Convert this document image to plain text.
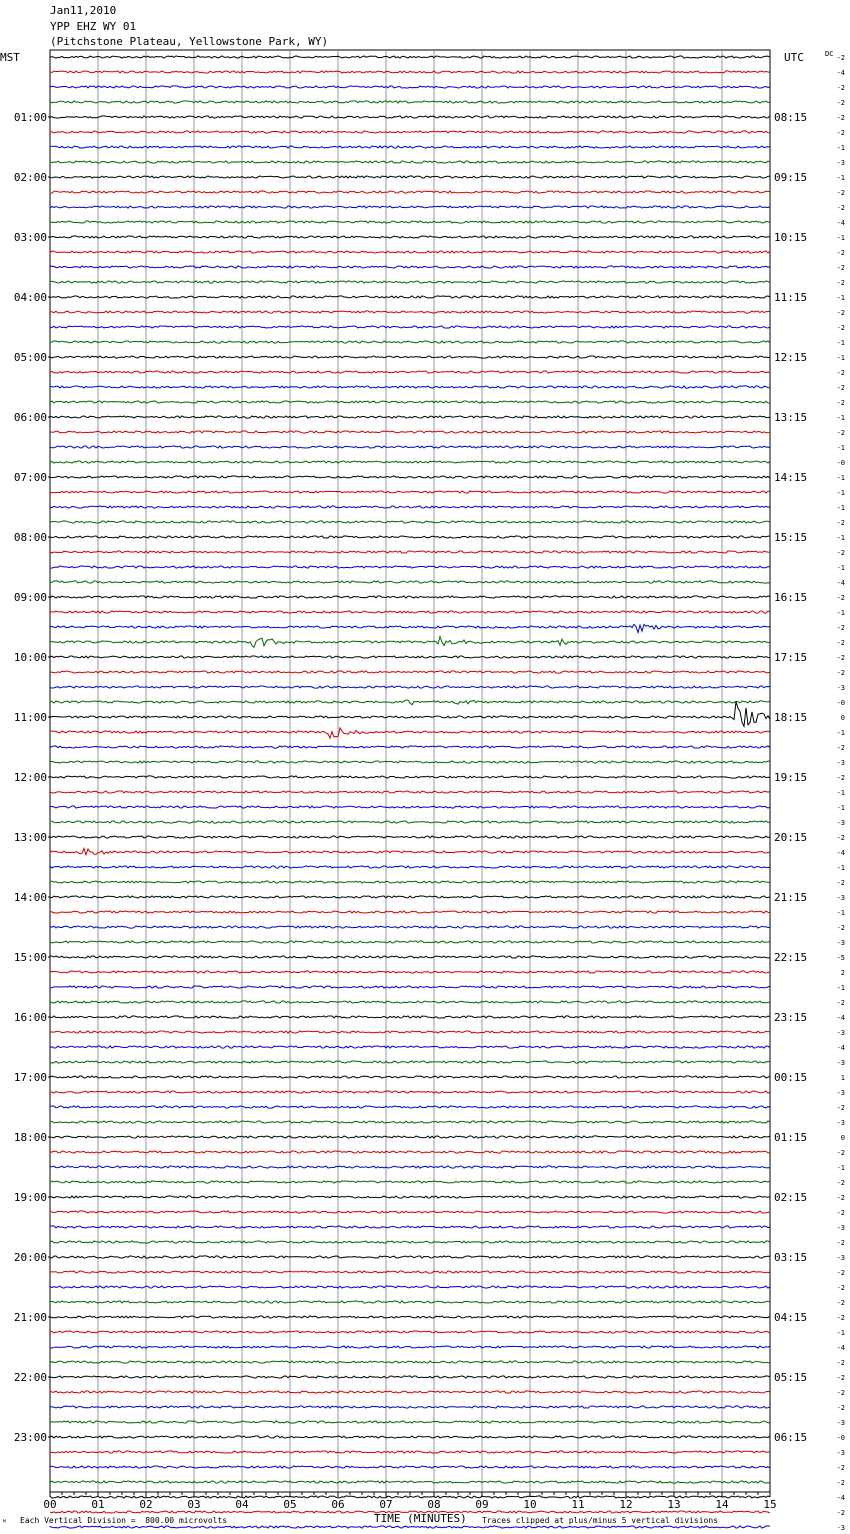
Jan11,2010
YPP EHZ WY 01
(Pitchstone Plateau, Yellowstone Park, WY)
00	01	02	03	04	05	06	07	08	09	10	11	12	13	14	15
MST	UTC	DC -2
-4
-2
-2
-2
01:00	08:15
-2
-1
-3
-1
02:00	09:15
-2
-2
-4
-1
03:00	10:15
-2
-2
-2
-1
04:00	11:15
-2
-2
-1
-1
05:00	12:15
-2
-2
-2
-1
06:00	13:15
-2
-1
-0
-1
07:00	14:15
-1
-1
-2
-1
08:00	15:15
-2
-1
-4
-2
09:00	16:15
-1
-2
-2
-2
10:00	17:15
-2
-3
-0
0
11:00	18:15
-1
-2
-3
-2
12:00	19:15
-1
-1
-3
-2
13:00	20:15
-4
-1
-2
-3
14:00	21:15
-1
-2
-3
-5
15:00	22:15
2
-1
-2
-4
16:00	23:15
-3
-4
-3
1
17:00	00:15
-3
-2
-3
0
18:00	01:15
-2
-1
-2
-2
19:00	02:15
-2
-3
-2
-3
20:00	03:15
-2
-2
-2
-2
21:00	04:15
-1
-4
-2
-2
22:00	05:15
-2
-2
-3
-0
23:00	06:15
-3
-2
-2
-4
-2
-3
ᴹ Each Vertical Division =  800.00 microvolts	TIME (MINUTES) Traces clipped at plus/minus 5 vertical divisions
